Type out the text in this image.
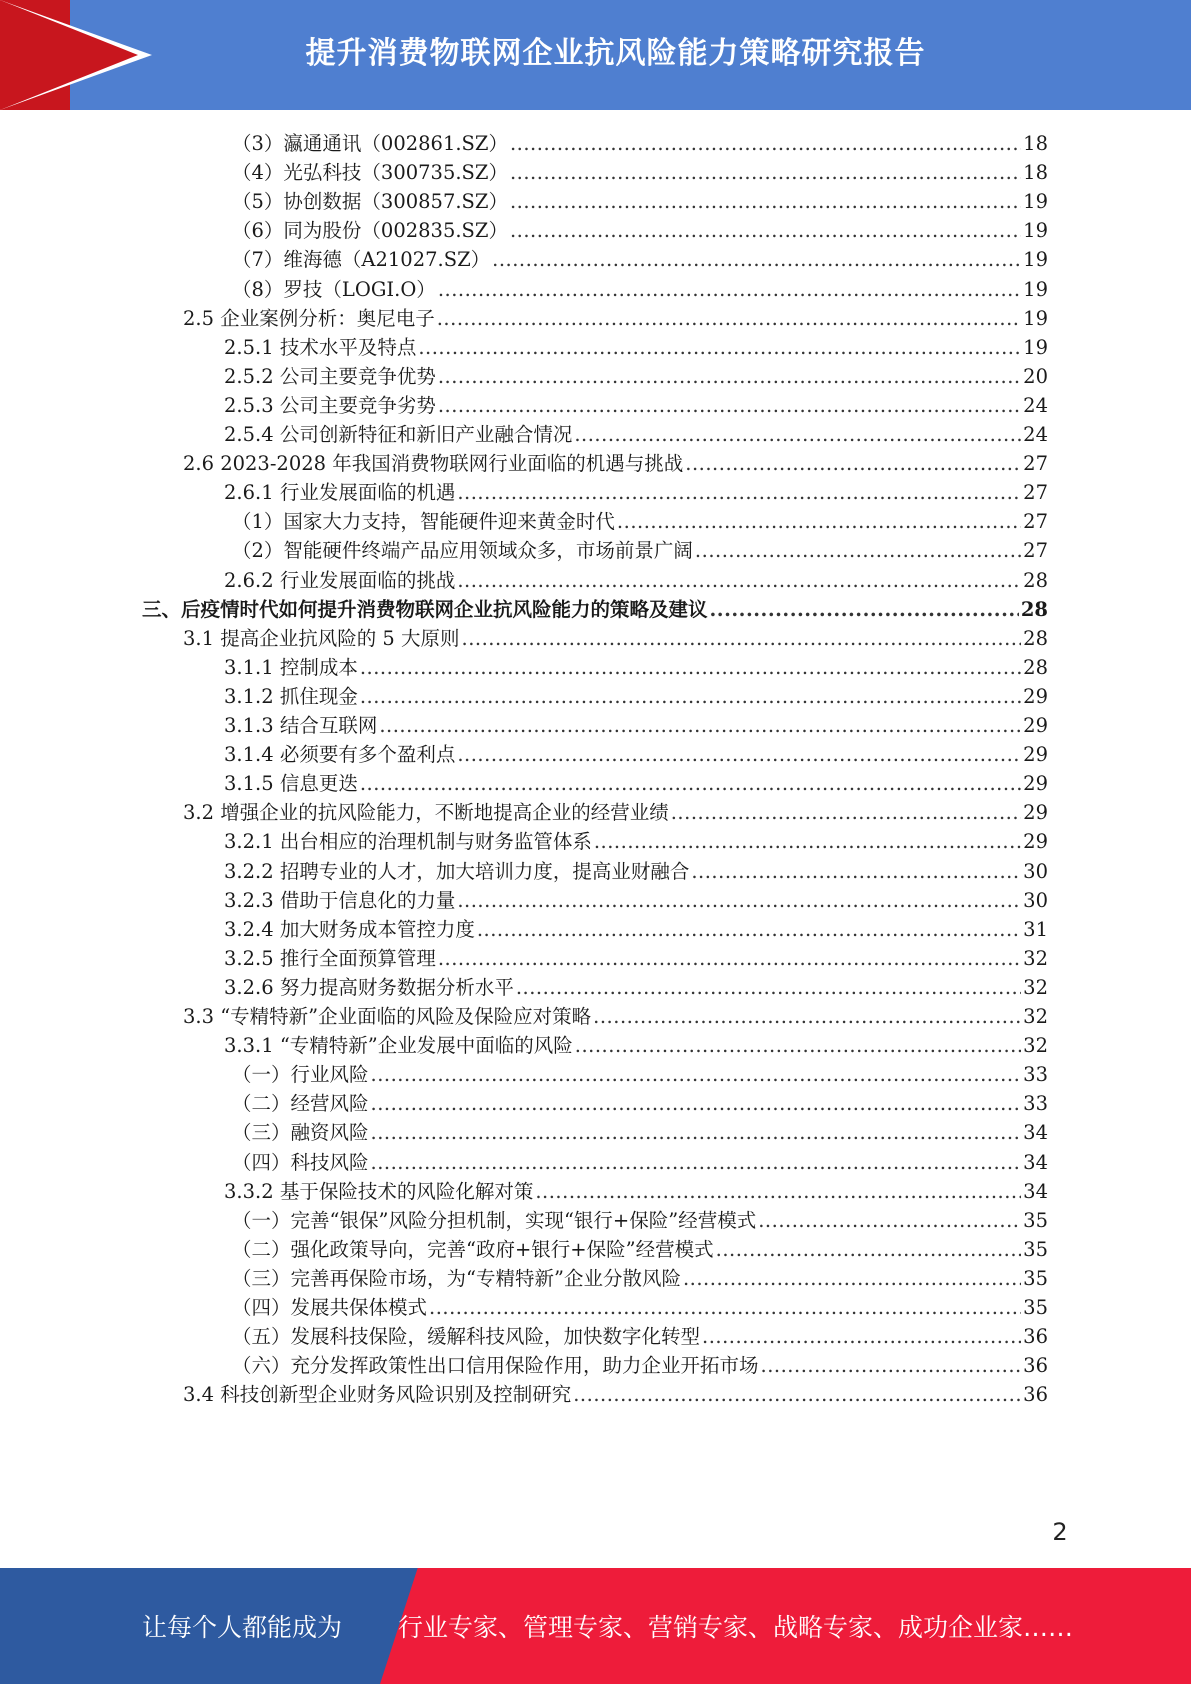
提升消费物联网企业抗风险能力策略研究报告
（3）瀛通通讯（002861.SZ） .....	18
（4）光弘科技（300735.SZ） .....	18
（5）协创数据（300857.SZ） .....	19
（6）同为股份（002835.SZ） .....	19
（7）维海德（A21027.SZ） .....	19
（8）罗技（LOGI.O） .....	19
2.5 企业案例分析：奥尼电子 .....	19
2.5.1 技术水平及特点 .....	19
2.5.2 公司主要竞争优势 .....	20
2.5.3 公司主要竞争劣势 .....	24
2.5.4 公司创新特征和新旧产业融合情况 .....	24
2.6 2023-2028 年我国消费物联网行业面临的机遇与挑战 .....	27
2.6.1 行业发展面临的机遇 .....	27
（1）国家大力支持，智能硬件迎来黄金时代 .....	27
（2）智能硬件终端产品应用领域众多，市场前景广阔 .....	27
2.6.2 行业发展面临的挑战 .....	28
三、后疫情时代如何提升消费物联网企业抗风险能力的策略及建议 .....	28
3.1 提高企业抗风险的 5 大原则 .....	28
3.1.1 控制成本 .....	28
3.1.2 抓住现金 .....	29
3.1.3 结合互联网 .....	29
3.1.4 必须要有多个盈利点 .....	29
3.1.5 信息更迭 .....	29
3.2 增强企业的抗风险能力，不断地提高企业的经营业绩 .....	29
3.2.1 出台相应的治理机制与财务监管体系 .....	29
3.2.2 招聘专业的人才，加大培训力度，提高业财融合 .....	30
3.2.3 借助于信息化的力量 .....	30
3.2.4 加大财务成本管控力度 .....	31
3.2.5 推行全面预算管理 .....	32
3.2.6 努力提高财务数据分析水平 .....	32
3.3 “专精特新”企业面临的风险及保险应对策略 .....	32
3.3.1 “专精特新”企业发展中面临的风险 .....	32
（一）行业风险 .....	33
（二）经营风险 .....	33
（三）融资风险 .....	34
（四）科技风险 .....	34
3.3.2 基于保险技术的风险化解对策 .....	34
（一）完善“银保”风险分担机制，实现“银行+保险”经营模式 .....	35
（二）强化政策导向，完善“政府+银行+保险”经营模式 .....	35
（三）完善再保险市场，为“专精特新”企业分散风险 .....	35
（四）发展共保体模式 .....	35
（五）发展科技保险，缓解科技风险，加快数字化转型 .....	36
（六）充分发挥政策性出口信用保险作用，助力企业开拓市场 .....	36
3.4 科技创新型企业财务风险识别及控制研究 .....	36
2
让每个人都能成为 行业专家、管理专家、营销专家、战略专家、成功企业家……
